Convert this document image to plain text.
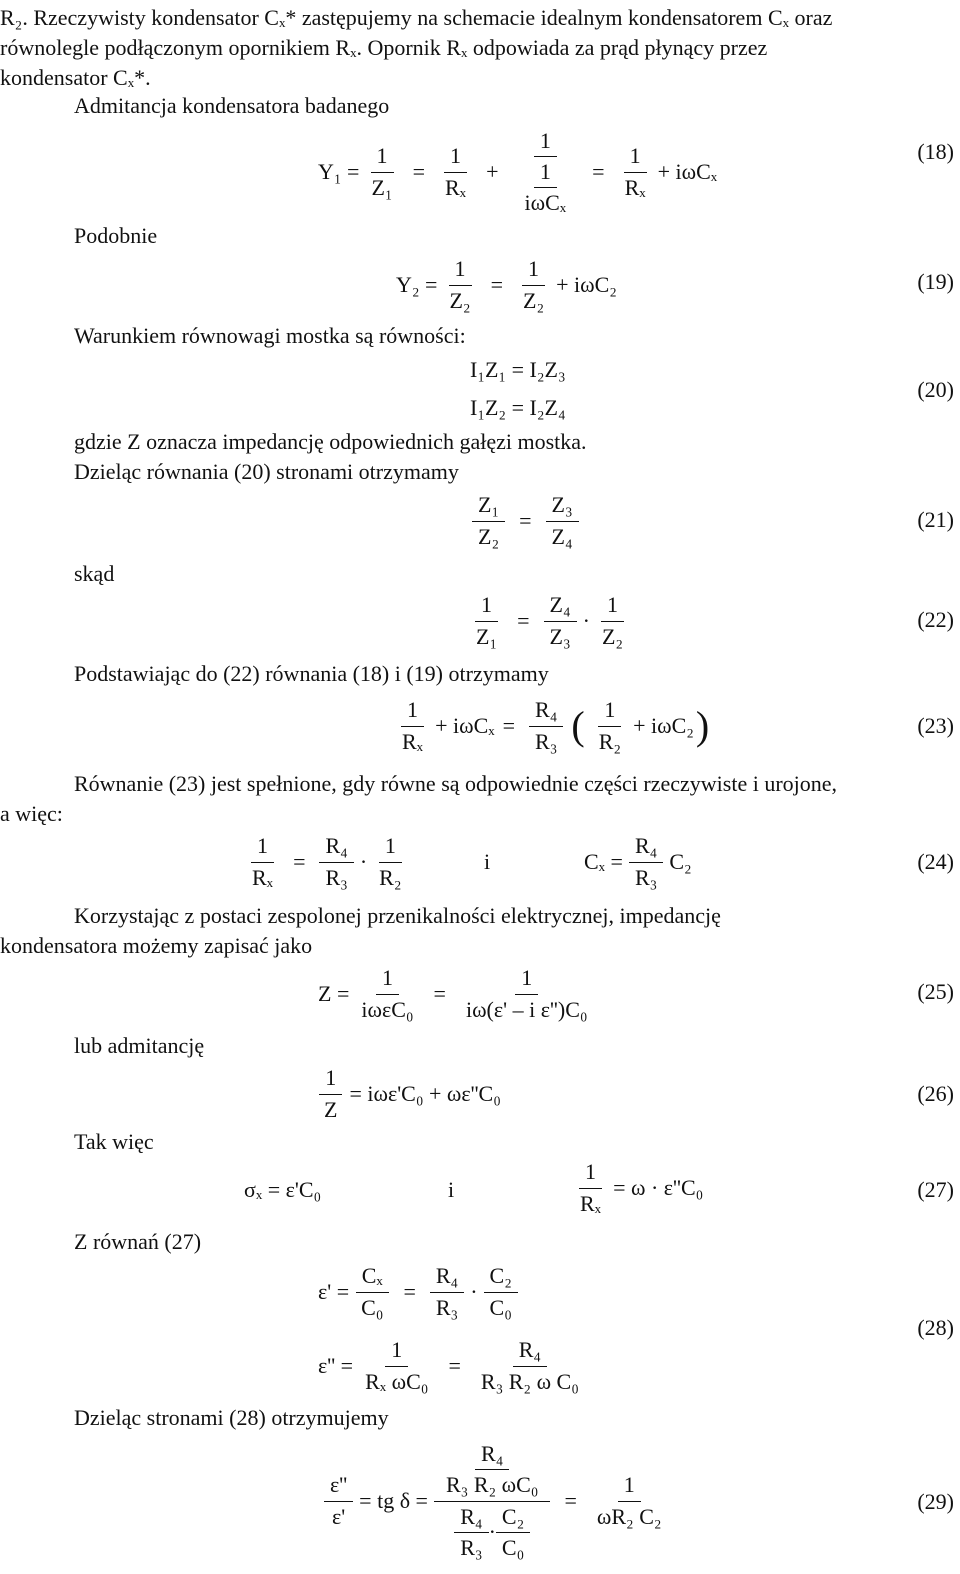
R₂. Rzeczywisty kondensator Cₓ* zastępujemy na schemacie idealnym kondensatorem Cₓ oraz
równolegle podłączonym opornikiem Rₓ. Opornik Rₓ odpowiada za prąd płynący przez
kondensator Cₓ*.
Admitancja kondensatora badanego
$Y_1 = \frac{1}{\text{Z₁}} = \frac{1}{\text{Rₓ}} + \frac{1}{\frac{1}{\text{iωCₓ}}} = \frac{1}{\text{Rₓ}} + i\omega C_x$
(18)
Podobnie
$Y_2 = \frac{1}{\text{Z₂}} = \frac{1}{\text{Z₂}} + i\omega C_2$	(19)
Warunkiem równowagi mostka są równości:
I₁Z₁ = I₂Z₃
I₁Z₂ = I₂Z₄
(20)
gdzie Z oznacza impedancję odpowiednich gałęzi mostka.
Dzieląc równania (20) stronami otrzymamy
$\frac{\text{Z₁}}{\text{Z₂}} = \frac{\text{Z₃}}{\text{Z₄}}$	(21)
skąd
$\frac{1}{\text{Z₁}} = \frac{\text{Z₄}}{\text{Z₃}} \cdot \frac{1}{\text{Z₂}}$	(22)
Podstawiając do (22) równania (18) i (19) otrzymamy
$\frac{1}{\text{Rₓ}} + i\omega C_x = \frac{\text{R₄}}{\text{R₃}}$ ( $\frac{1}{\text{R₂}} + i\omega C_2$ )	(23)
Równanie (23) jest spełnione, gdy równe są odpowiednie części rzeczywiste i urojone,
a więc:
$\frac{1}{\text{Rₓ}} = \frac{\text{R₄}}{\text{R₃}} \cdot \frac{1}{\text{R₂}}$	i	$C_x = \frac{\text{R₄}}{\text{R₃}} C_2$	(24)
Korzystając z postaci zespolonej przenikalności elektrycznej, impedancję
kondensatora możemy zapisać jako
$Z = \frac{1}{\text{iωεC₀}} = \frac{1}{\text{iω(ε' – i ε'')C₀}}$	(25)
lub admitancję
$\frac{1}{Z} = i\omega\varepsilon'C_0 + \omega\varepsilon''C_0$	(26)
Tak więc
σₓ = ε'C₀	i	$\frac{1}{\text{Rₓ}} = \omega \cdot \varepsilon''C_0$	(27)
Z równań (27)
$\varepsilon' = \frac{\text{Cₓ}}{\text{C₀}} = \frac{\text{R₄}}{\text{R₃}} \cdot \frac{\text{C₂}}{\text{C₀}}$
$\varepsilon'' = \frac{1}{\text{Rₓ ωC₀}} = \frac{\text{R₄}}{\text{R₃ R₂ ω C₀}}$
(28)
Dzieląc stronami (28) otrzymujemy
$\frac{\varepsilon''}{\varepsilon'}$ = tg $\delta = \frac{\frac{\text{R₄}}{\text{R₃ R₂ ωC₀}}}{\frac{\text{R₄}}{\text{R₃}} \cdot \frac{\text{C₂}}{\text{C₀}}} = \frac{1}{\text{ωR₂ C₂}}$	(29)
